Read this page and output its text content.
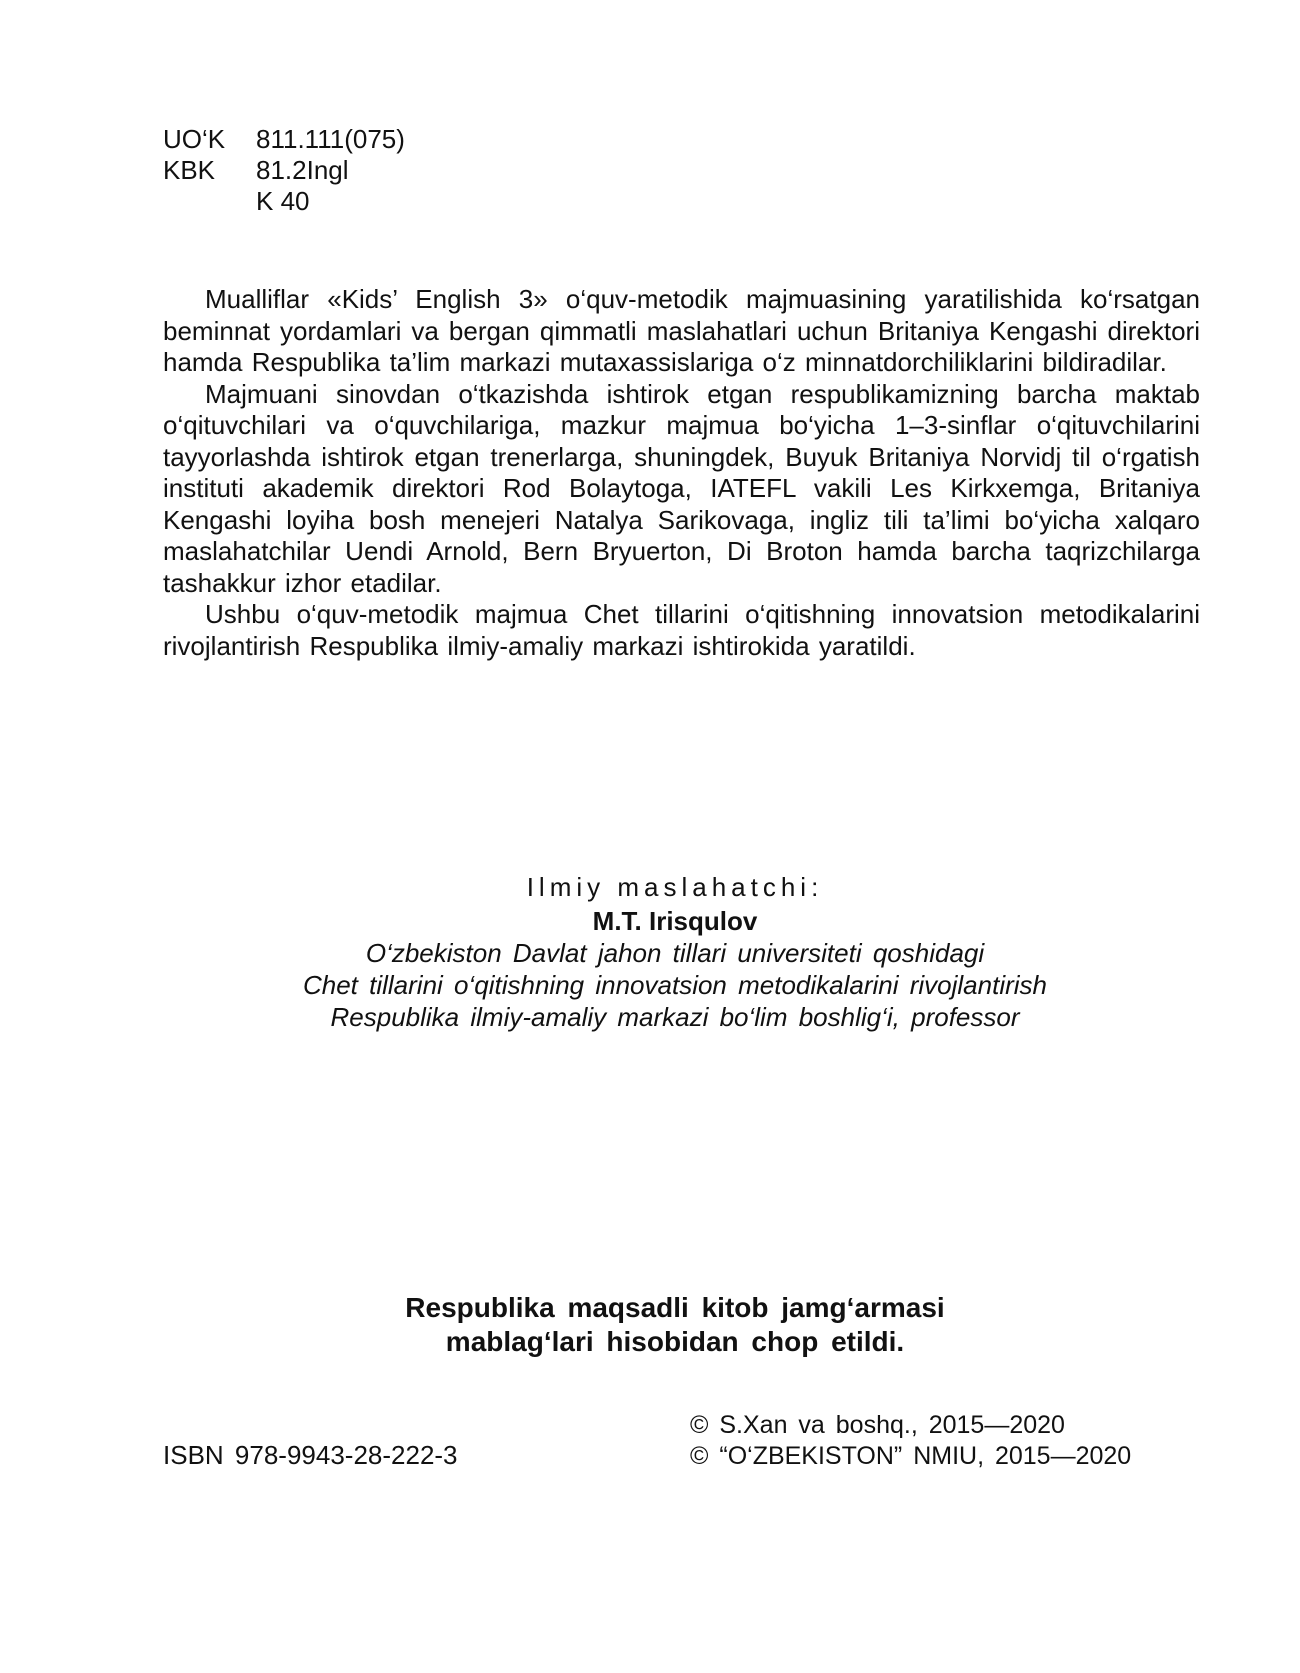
UO‘K	811.111(075)
KBK	81.2Ingl
K 40

Mualliflar «Kids’ English 3» o‘quv-metodik majmuasining yaratilishida ko‘rsatgan beminnat yordamlari va bergan qimmatli maslahatlari uchun Britaniya Kengashi direktori hamda Respublika ta’lim markazi mutaxassislariga o‘z minnatdorchiliklarini bildiradilar.

Majmuani sinovdan o‘tkazishda ishtirok etgan respublikamizning barcha maktab o‘qituvchilari va o‘quvchilariga, mazkur majmua bo‘yicha 1–3-sinflar o‘qituvchilarini tayyorlashda ishtirok etgan trenerlarga, shuningdek, Buyuk Britaniya Norvidj til o‘rgatish instituti akademik direktori Rod Bolaytoga, IATEFL vakili Les Kirkxemga, Britaniya Kengashi loyiha bosh menejeri Natalya Sarikovaga, ingliz tili ta’limi bo‘yicha xalqaro maslahatchilar Uendi Arnold, Bern Bryuerton, Di Broton hamda barcha taqrizchilarga tashakkur izhor etadilar.

Ushbu o‘quv-metodik majmua Chet tillarini o‘qitishning innovatsion metodikalarini rivojlantirish Respublika ilmiy-amaliy markazi ishtirokida yaratildi.

Ilmiy maslahatchi:
M.T. Irisqulov
O‘zbekiston Davlat jahon tillari universiteti qoshidagi
Chet tillarini o‘qitishning innovatsion metodikalarini rivojlantirish
Respublika ilmiy-amaliy markazi bo‘lim boshlig‘i, professor
Respublika maqsadli kitob jamg‘armasi
mablag‘lari hisobidan chop etildi.
ISBN 978-9943-28-222-3
© S.Xan va boshq., 2015—2020
© “O‘ZBEKISTON” NMIU, 2015—2020
